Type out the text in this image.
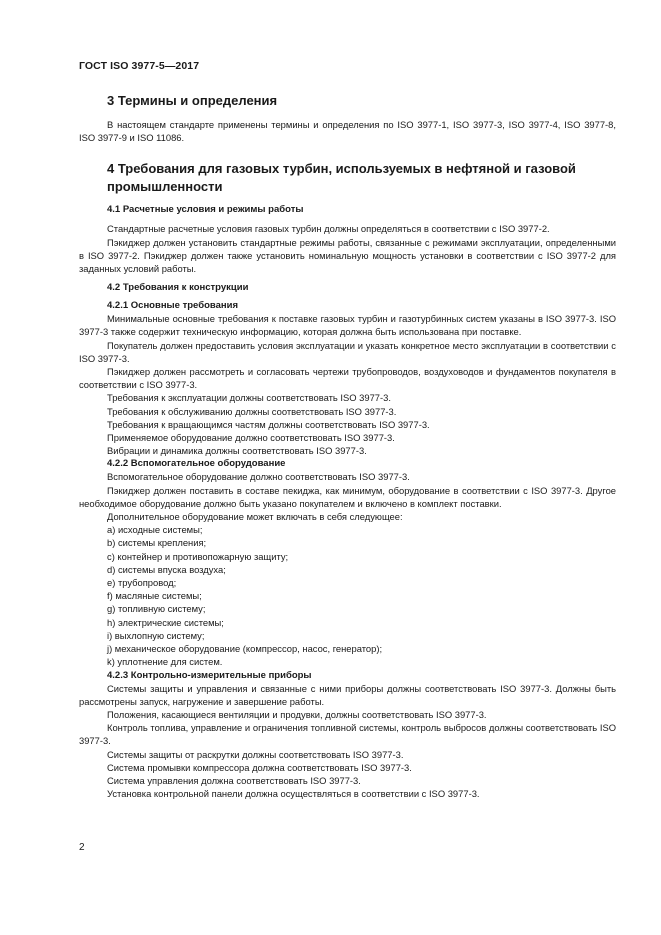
ГОСТ ISO 3977-5—2017

3 Термины и определения

В настоящем стандарте применены термины и определения по ISO 3977-1, ISO 3977-3, ISO 3977-4, ISO 3977-8, ISO 3977-9 и ISO 11086.

4 Требования для газовых турбин, используемых в нефтяной и газовой промышленности

4.1 Расчетные условия и режимы работы

Стандартные расчетные условия газовых турбин должны определяться в соответствии с ISO 3977-2.

Пэкиджер должен установить стандартные режимы работы, связанные с режимами эксплуатации, определенными в ISO 3977-2. Пэкиджер должен также установить номинальную мощность установки в соответствии с ISO 3977-2 для заданных условий работы.

4.2 Требования к конструкции

4.2.1 Основные требования

Минимальные основные требования к поставке газовых турбин и газотурбинных систем указаны в ISO 3977-3. ISO 3977-3 также содержит техническую информацию, которая должна быть использована при поставке.

Покупатель должен предоставить условия эксплуатации и указать конкретное место эксплуатации в соответствии с ISO 3977-3.

Пэкиджер должен рассмотреть и согласовать чертежи трубопроводов, воздуховодов и фундаментов покупателя в соответствии с ISO 3977-3.

Требования к эксплуатации должны соответствовать ISO 3977-3.

Требования к обслуживанию должны соответствовать ISO 3977-3.

Требования к вращающимся частям должны соответствовать ISO 3977-3.

Применяемое оборудование должно соответствовать ISO 3977-3.

Вибрации и динамика должны соответствовать ISO 3977-3.

4.2.2 Вспомогательное оборудование

Вспомогательное оборудование должно соответствовать ISO 3977-3.

Пэкиджер должен поставить в составе пекиджа, как минимум, оборудование в соответствии с ISO 3977-3. Другое необходимое оборудование должно быть указано покупателем и включено в комплект поставки.

Дополнительное оборудование может включать в себя следующее:

a) исходные системы;

b) системы крепления;

c) контейнер и противопожарную защиту;

d) системы впуска воздуха;

e) трубопровод;

f) масляные системы;

g) топливную систему;

h) электрические системы;

i) выхлопную систему;

j) механическое оборудование (компрессор, насос, генератор);

k) уплотнение для систем.

4.2.3 Контрольно-измерительные приборы

Системы защиты и управления и связанные с ними приборы должны соответствовать ISO 3977-3. Должны быть рассмотрены запуск, нагружение и завершение работы.

Положения, касающиеся вентиляции и продувки, должны соответствовать ISO 3977-3.

Контроль топлива, управление и ограничения топливной системы, контроль выбросов должны соответствовать ISO 3977-3.

Системы защиты от раскрутки должны соответствовать ISO 3977-3.

Система промывки компрессора должна соответствовать ISO 3977-3.

Система управления должна соответствовать ISO 3977-3.

Установка контрольной панели должна осуществляться в соответствии с ISO 3977-3.

2
